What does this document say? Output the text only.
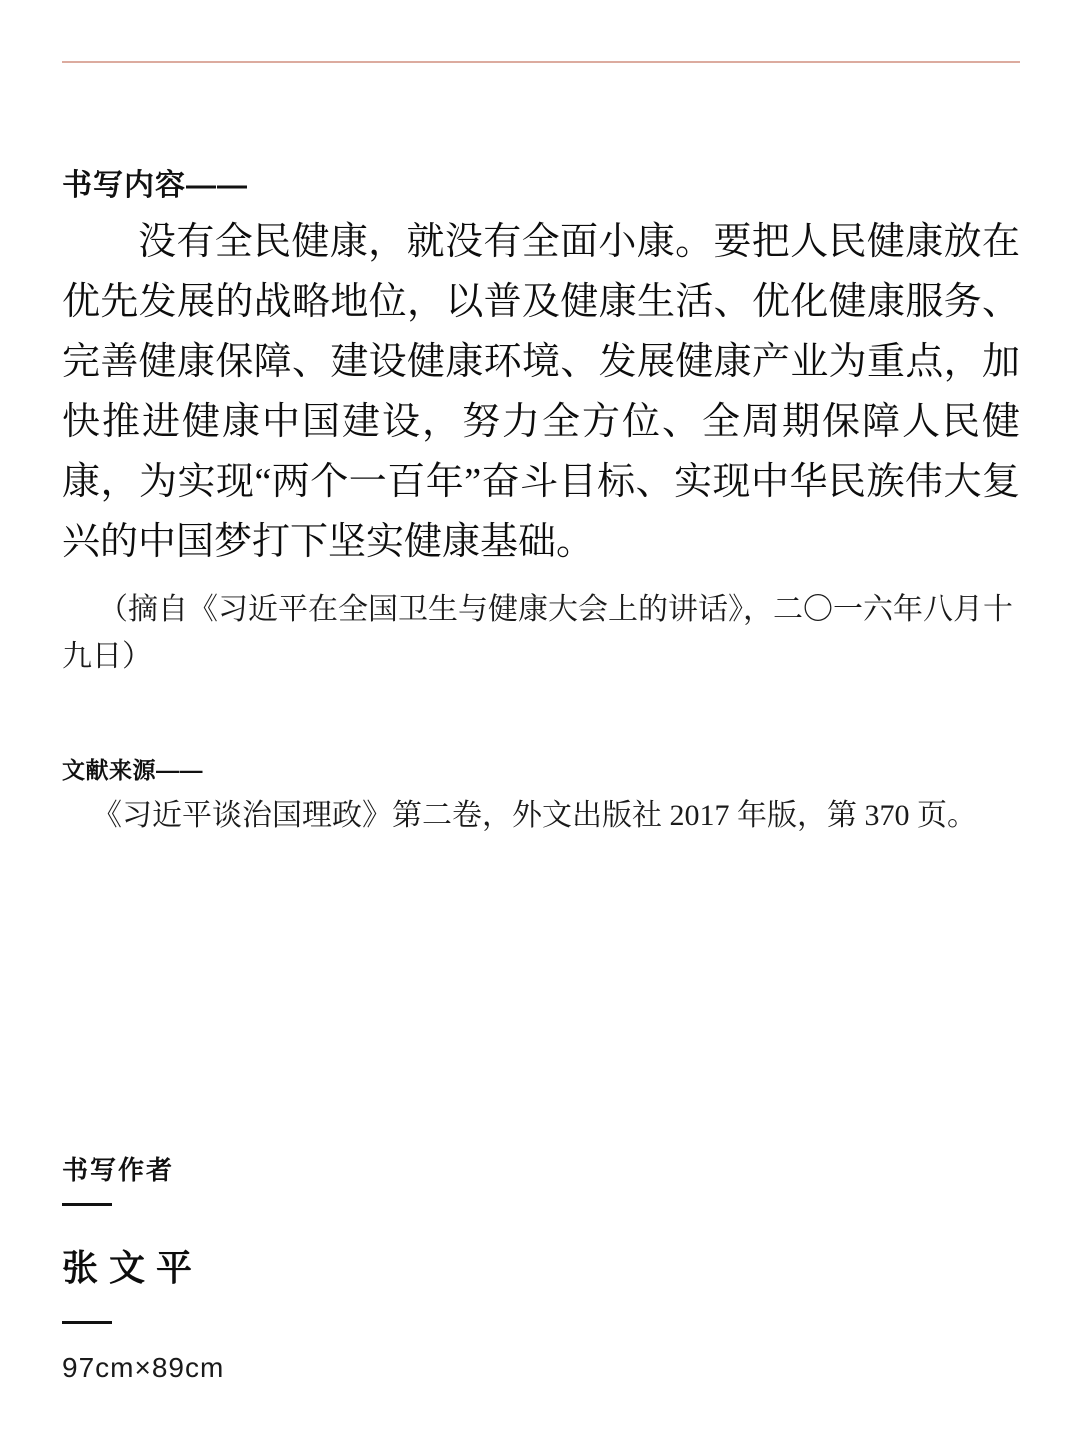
书写内容——
没有全民健康，就没有全面小康。要把人民健康放在优先发展的战略地位，以普及健康生活、优化健康服务、完善健康保障、建设健康环境、发展健康产业为重点，加快推进健康中国建设，努力全方位、全周期保障人民健康，为实现“两个一百年”奋斗目标、实现中华民族伟大复兴的中国梦打下坚实健康基础。
（摘自《习近平在全国卫生与健康大会上的讲话》，二〇一六年八月十九日）
文献来源——
《习近平谈治国理政》第二卷，外文出版社 2017 年版，第 370 页。
书写作者
张文平
97cm×89cm
